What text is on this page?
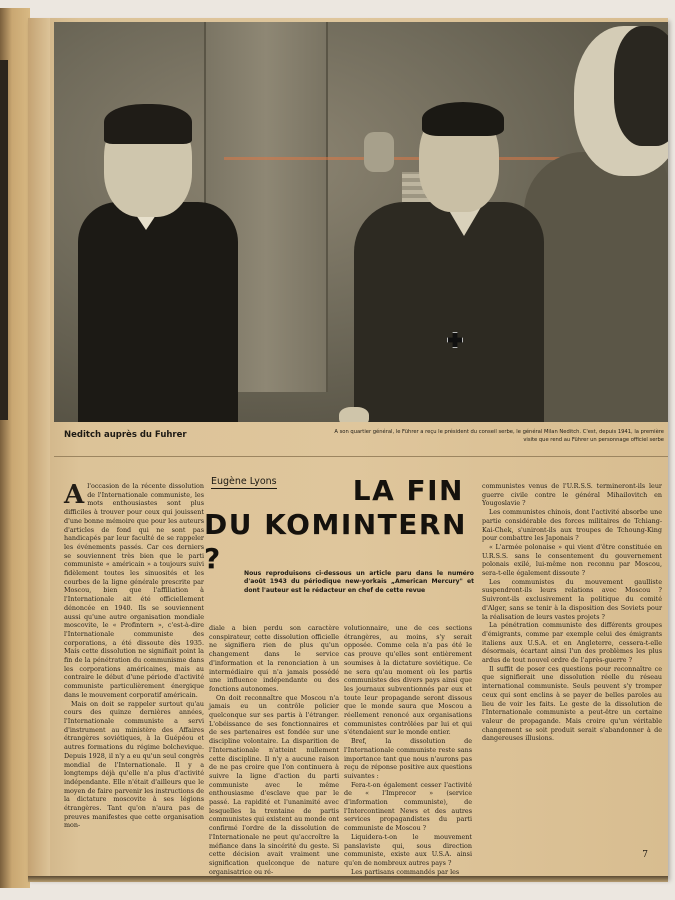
Neditch auprès du Fuhrer	A son quartier général, le Führer a reçu le président du conseil serbe, le général Milan Neditch. C'est, depuis 1941, la première visite que rend au Führer un personnage officiel serbe
Eugène Lyons	LA FIN
DU KOMINTERN ?	Nous reproduisons ci-dessous un article paru dans le numéro d'août 1943 du périodique new-yorkais „American Mercury" et dont l'auteur est le rédacteur en chef de cette revue

Al'occasion de la récente dissolution de l'Internationale communiste, les mots enthousiastes sont plus difficiles à trouver pour ceux qui jouissent d'une bonne mémoire que pour les auteurs d'articles de fond qui ne sont pas handicapés par leur faculté de se rappeler les événements passés. Car ces derniers se souviennent très bien que le parti communiste « américain » a toujours suivi fidèlement toutes les sinuosités et les courbes de la ligne générale prescrite par Moscou, bien que l'affiliation à l'Internationale ait été officiellement dénoncée en 1940. Ils se souviennent aussi qu'une autre organisation mondiale moscovite, le « Profintern », c'est-à-dire l'Internationale communiste des corporations, a été dissoute dès 1935. Mais cette dissolution ne signifiait point la fin de la pénétration du communisme dans les corporations américaines, mais au contraire le début d'une période d'activité communiste particulièrement énergique dans le mouvement corporatif américain.

Mais on doit se rappeler surtout qu'au cours des quinze dernières années, l'Internationale communiste a servi d'instrument au ministère des Affaires étrangères soviétiques, à la Guépéou et autres formations du régime bolchevique. Depuis 1928, il n'y a eu qu'un seul congrès mondial de l'Internationale. Il y a longtemps déjà qu'elle n'a plus d'activité indépendante. Elle n'était d'ailleurs que le moyen de faire parvenir les instructions de la dictature moscovite à ses légions étrangères. Tant qu'on n'aura pas de preuves manifestes que cette organisation mon-

diale a bien perdu son caractère conspirateur, cette dissolution officielle ne signifiera rien de plus qu'un changement dans le service d'information et la renonciation à un intermédiaire qui n'a jamais possédé une influence indépendante ou des fonctions autonomes.

On doit reconnaître que Moscou n'a jamais eu un contrôle policier quelconque sur ses partis à l'étranger. L'obéissance de ses fonctionnaires et de ses partenaires est fondée sur une discipline volontaire. La disparition de l'Internationale n'atteint nullement cette discipline. Il n'y a aucune raison de ne pas croire que l'on continuera à suivre la ligne d'action du parti communiste avec le même enthousiasme d'esclave que par le passé. La rapidité et l'unanimité avec lesquelles la trentaine de partis communistes qui existent au monde ont confirmé l'ordre de la dissolution de l'Internationale ne peut qu'accroître la méfiance dans la sincérité du geste. Si cette décision avait vraiment une signification quelconque de nature organisatrice ou ré-

volutionnaire, une de ces sections étrangères, au moins, s'y serait opposée. Comme cela n'a pas été le cas prouve qu'elles sont entièrement soumises à la dictature soviétique. Ce ne sera qu'au moment où les partis communistes des divers pays ainsi que les journaux subventionnés par eux et toute leur propagande seront dissous que le monde saura que Moscou a réellement renoncé aux organisations communistes contrôlées par lui et qui s'étendaient sur le monde entier.

Bref, la dissolution de l'Internationale communiste reste sans importance tant que nous n'aurons pas reçu de réponse positive aux questions suivantes :

Fera-t-on également cesser l'activité de « l'Imprecor » (service d'information communiste), de l'Intercontinent News et des autres services propagandistes du parti communiste de Moscou ?

Liquidera-t-on le mouvement panslaviste qui, sous direction communiste, existe aux U.S.A. ainsi qu'en de nombreux autres pays ?

Les partisans commandés par les

communistes venus de l'U.R.S.S. termineront-ils leur guerre civile contre le général Mihailovitch en Yougoslavie ?

Les communistes chinois, dont l'activité absorbe une partie considérable des forces militaires de Tchiang-Kai-Chek, s'uniront-ils aux troupes de Tchoung-King pour combattre les Japonais ?

« L'armée polonaise » qui vient d'être constituée en U.R.S.S. sans le consentement du gouvernement polonais exilé, lui-même non reconnu par Moscou, sera-t-elle également dissoute ?

Les communistes du mouvement gaulliste suspendront-ils leurs relations avec Moscou ? Suivront-ils exclusivement la politique du comité d'Alger, sans se tenir à la disposition des Soviets pour la réalisation de leurs vastes projets ?

La pénétration communiste des différents groupes d'émigrants, comme par exemple celui des émigrants italiens aux U.S.A. et en Angleterre, cessera-t-elle désormais, écartant ainsi l'un des problèmes les plus ardus de tout nouvel ordre de l'après-guerre ?

Il suffit de poser ces questions pour reconnaître ce que signifierait une dissolution réelle du réseau international communiste. Seuls peuvent s'y tromper ceux qui sont enclins à se payer de belles paroles au lieu de voir les faits. Le geste de la dissolution de l'Internationale communiste a peut-être un certaine valeur de propagande. Mais croire qu'un véritable changement se soit produit serait s'abandonner à de dangereuses illusions.

7
